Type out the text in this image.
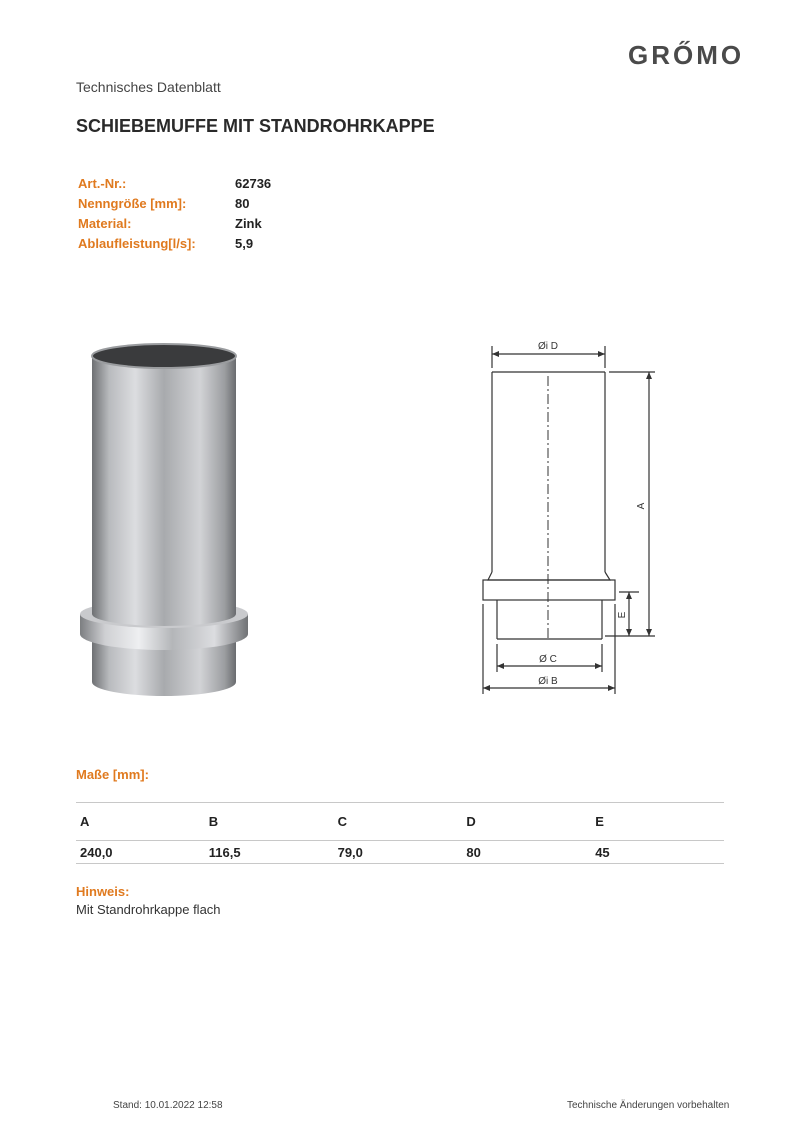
GRŐMO
Technisches Datenblatt
SCHIEBEMUFFE MIT STANDROHRKAPPE
Art.-Nr.:	62736
Nenngröße [mm]:	80
Material:	Zink
Ablaufleistung[l/s]:	5,9
Øi D
Ø C
Øi B
A
E
Maße [mm]:
A	B	C	D	E
240,0	116,5	79,0	80	45
Hinweis:
Mit Standrohrkappe flach
Stand: 10.01.2022 12:58	Technische Änderungen vorbehalten
